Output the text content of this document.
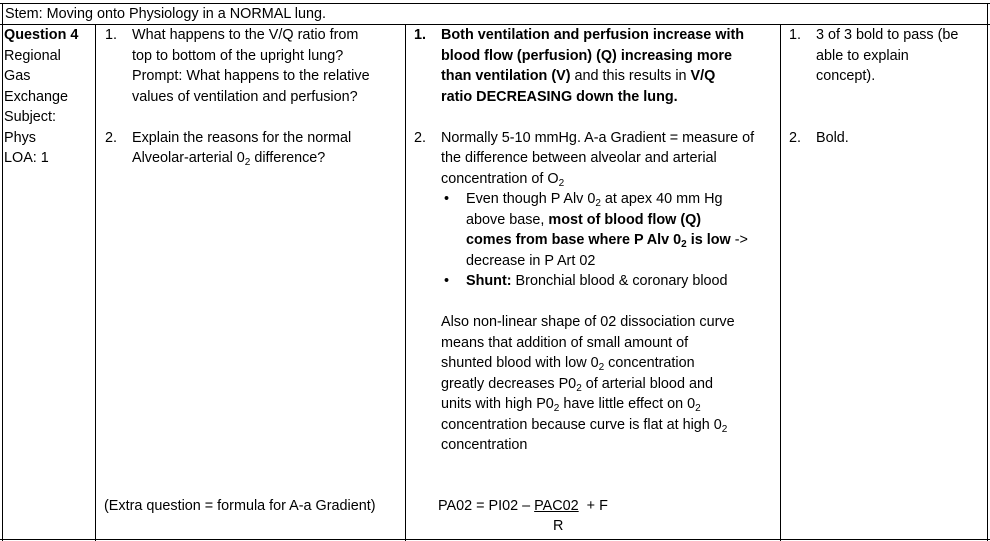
Stem: Moving onto Physiology in a NORMAL lung.
Question 4
Regional
Gas
Exchange
Subject:
Phys
LOA: 1
1. What happens to the V/Q ratio from
top to bottom of the upright lung?
Prompt: What happens to the relative
values of ventilation and perfusion?
2. Explain the reasons for the normal
Alveolar-arterial $0_2$ difference?
(Extra question = formula for A-a Gradient)
1. Both ventilation and perfusion increase with
blood flow (perfusion) (Q) increasing more
than ventilation (V) and this results in V/Q
ratio DECREASING down the lung.
2. Normally 5-10 mmHg. A-a Gradient = measure of
the difference between alveolar and arterial
concentration of $O_2$
• Even though P Alv $0_2$ at apex 40 mm Hg
above base, most of blood flow (Q)
comes from base where P Alv $0_2$ is low ->
decrease in P Art 02
• Shunt: Bronchial blood & coronary blood
Also non-linear shape of 02 dissociation curve
means that addition of small amount of
shunted blood with low $0_2$ concentration
greatly decreases $P0_2$ of arterial blood and
units with high $P0_2$ have little effect on $0_2$
concentration because curve is flat at high $0_2$
concentration
PA02 = PI02 – PAC02  + F
R
1. 3 of 3 bold to pass (be
able to explain
concept).
2. Bold.
